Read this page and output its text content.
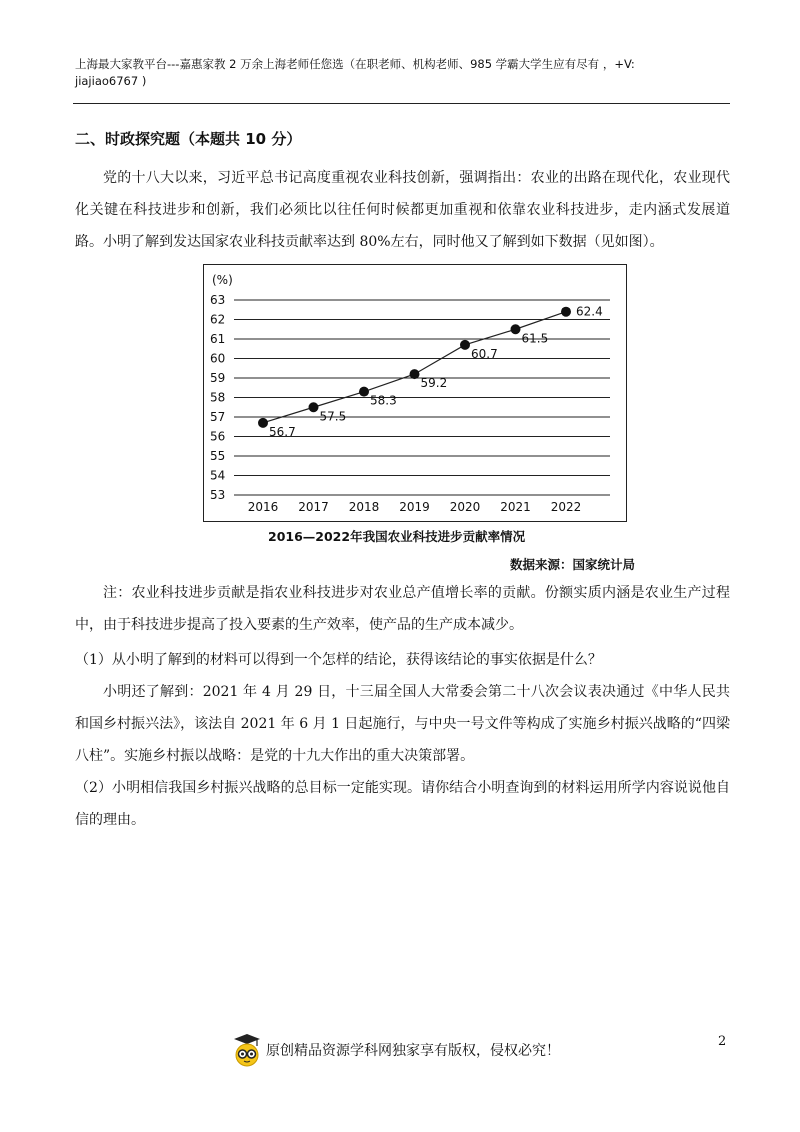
上海最大家教平台---嘉惠家教 2 万余上海老师任您选（在职老师、机构老师、985 学霸大学生应有尽有 ，+V:
jiajiao6767 )
二、时政探究题（本题共 10 分）

党的十八大以来，习近平总书记高度重视农业科技创新，强调指出：农业的出路在现代化，农业现代化关键在科技进步和创新，我们必须比以往任何时候都更加重视和依靠农业科技进步，走内涵式发展道路。 小明了解到发达国家农业科技贡献率达到 80%左右，同时他又了解到如下数据（见如图）。

(%)
53
54
55
56
57
58
59
60
61
62
63
2016 2017 2018 2019 2020 2021 2022
56.7
57.5
58.3
59.2
60.7
61.5
62.4
2016—2022年我国农业科技进步贡献率情况
数据来源：国家统计局

注：农业科技进步贡献是指农业科技进步对农业总产值增长率的贡献。份额实质内涵是农业生产过程中，由于科技进步提高了投入要素的生产效率，使产品的生产成本减少。

（1）从小明了解到的材料可以得到一个怎样的结论，获得该结论的事实依据是什么？

小明还了解到：2021 年 4 月 29 日，十三届全国人大常委会第二十八次会议表决通过《中华人民共和国乡村振兴法》，该法自 2021 年 6 月 1 日起施行，与中央一号文件等构成了实施乡村振兴战略的“四梁八柱”。实施乡村振以战略：是党的十九大作出的重大决策部署。

（2）小明相信我国乡村振兴战略的总目标一定能实现。请你结合小明查询到的材料运用所学内容说说他自信的理由。

原创精品资源学科网独家享有版权，侵权必究！
2
